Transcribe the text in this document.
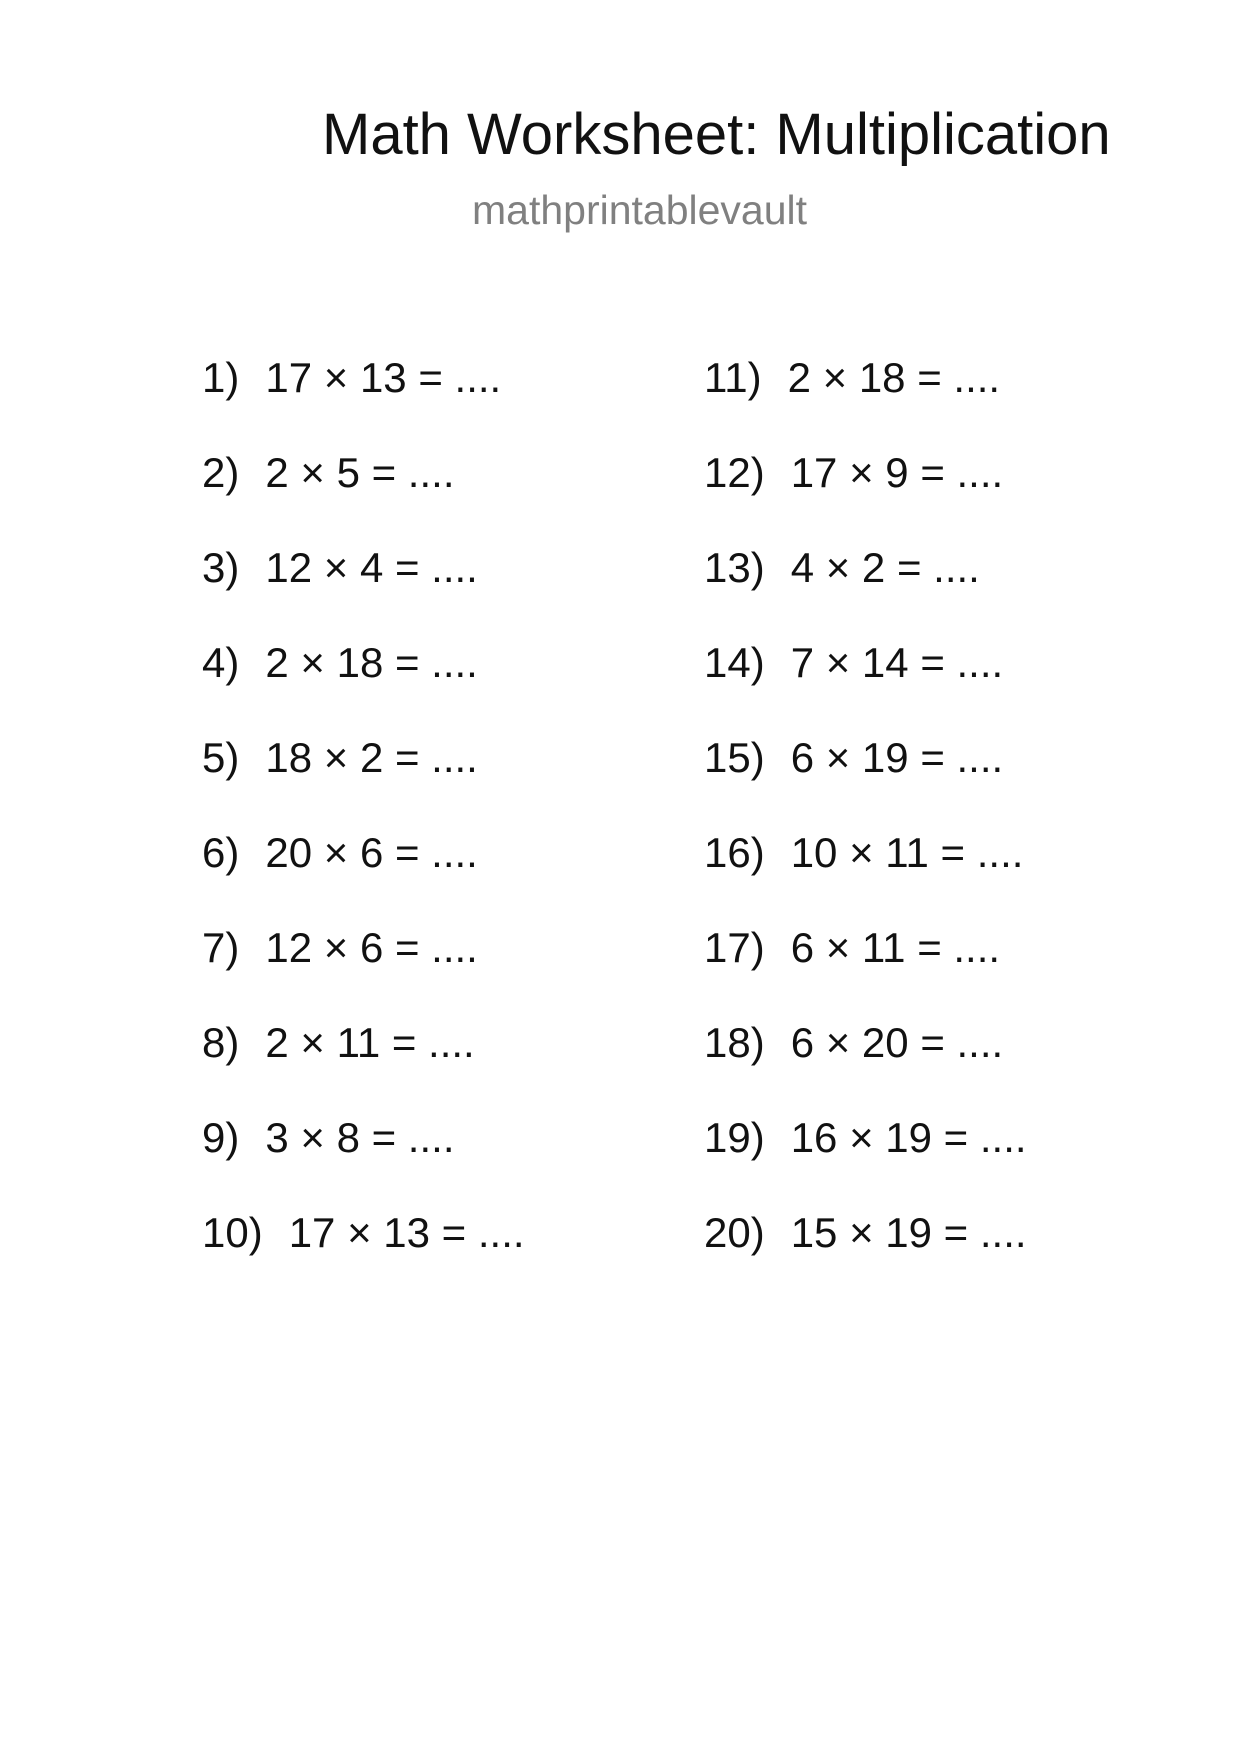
Math Worksheet: Multiplication
mathprintablevault
1) 17 × 13 = ....
2) 2 × 5 = ....
3) 12 × 4 = ....
4) 2 × 18 = ....
5) 18 × 2 = ....
6) 20 × 6 = ....
7) 12 × 6 = ....
8) 2 × 11 = ....
9) 3 × 8 = ....
10) 17 × 13 = ....
11) 2 × 18 = ....
12) 17 × 9 = ....
13) 4 × 2 = ....
14) 7 × 14 = ....
15) 6 × 19 = ....
16) 10 × 11 = ....
17) 6 × 11 = ....
18) 6 × 20 = ....
19) 16 × 19 = ....
20) 15 × 19 = ....
